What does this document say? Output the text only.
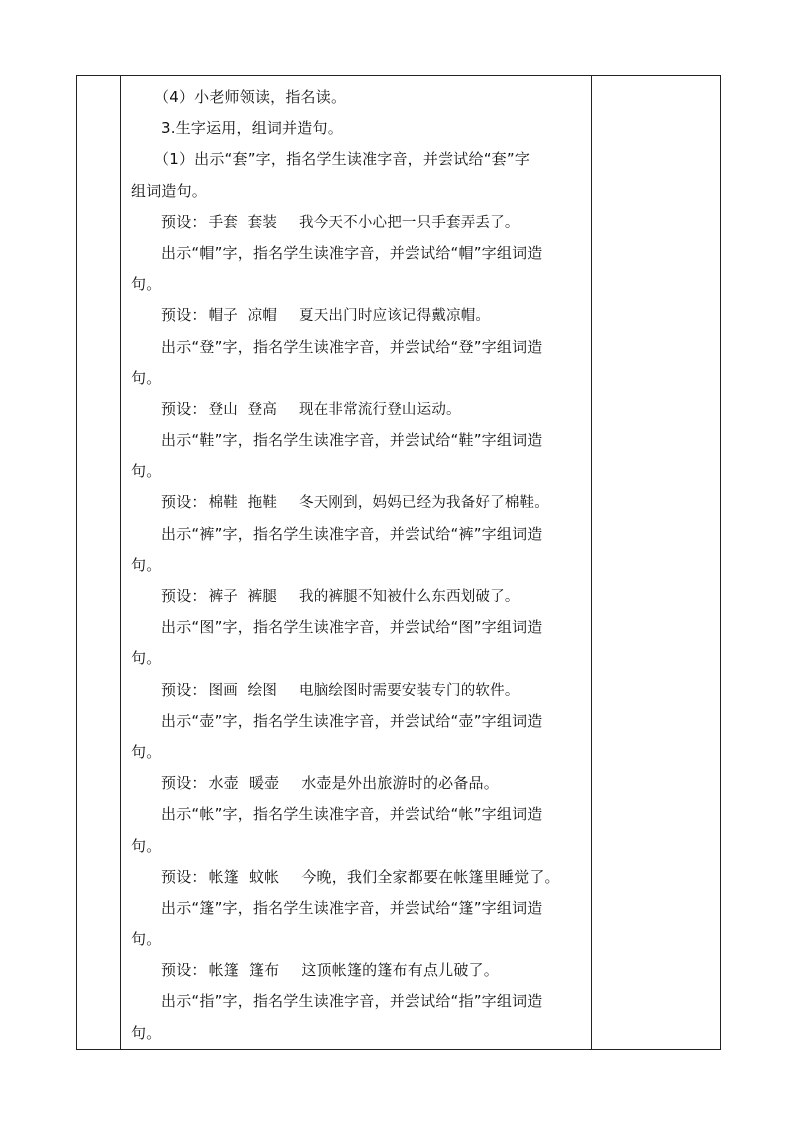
（4）小老师领读，指名读。
3.生字运用，组词并造句。
（1）出示“套”字，指名学生读准字音，并尝试给“套”字
组词造句。
预设： 手套  套装 我今天不小心把一只手套弄丢了。
出示“帽”字，指名学生读准字音，并尝试给“帽”字组词造
句。
预设： 帽子  凉帽 夏天出门时应该记得戴凉帽。
出示“登”字，指名学生读准字音，并尝试给“登”字组词造
句。
预设： 登山  登高 现在非常流行登山运动。
出示“鞋”字，指名学生读准字音，并尝试给“鞋”字组词造
句。
预设： 棉鞋  拖鞋 冬天刚到，妈妈已经为我备好了棉鞋。
出示“裤”字，指名学生读准字音，并尝试给“裤”字组词造
句。
预设： 裤子  裤腿 我的裤腿不知被什么东西划破了。
出示“图”字，指名学生读准字音，并尝试给“图”字组词造
句。
预设： 图画  绘图 电脑绘图时需要安装专门的软件。
出示“壶”字，指名学生读准字音，并尝试给“壶”字组词造
句。
预设： 水壶  暖壶 水壶是外出旅游时的必备品。
出示“帐”字，指名学生读准字音，并尝试给“帐”字组词造
句。
预设： 帐篷  蚊帐 今晚，我们全家都要在帐篷里睡觉了。
出示“篷”字，指名学生读准字音，并尝试给“篷”字组词造
句。
预设： 帐篷  篷布 这顶帐篷的篷布有点儿破了。
出示“指”字，指名学生读准字音，并尝试给“指”字组词造
句。
